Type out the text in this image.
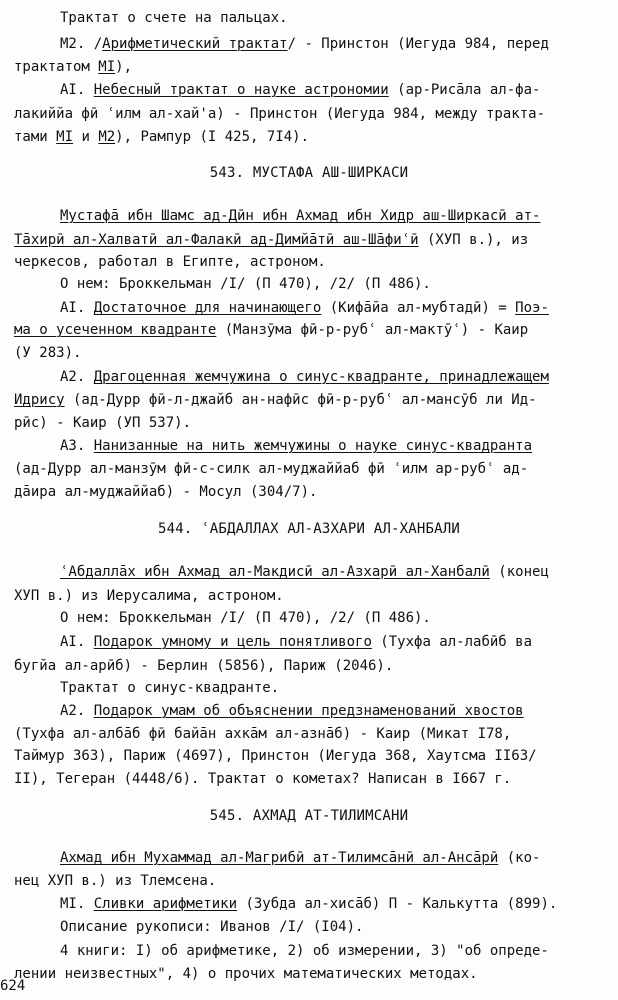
Трактат о счете на пальцах.
М2. /Арифметический трактат/ - Принстон (Иегуда 984, перед
трактатом МI),
АI. Небесный трактат о науке астрономии (ар-Рисāла ал-фа-
лакиййа фӣ ʿилм ал-хай'а) - Принстон (Иегуда 984, между тракта-
тами МI и М2), Рампур (I 425, 7I4).
543. МУСТАФА АШ-ШИРКАСИ
Мустафā ибн Шамс ад-Дӣн ибн Ахмад ибн Хидр аш-Ширкасӣ ат-
Тāхирӣ ал-Халватӣ ал-Фалакӣ ад-Димйāтӣ аш-Шāфиʿӣ (ХУП в.), из
черкесов, работал в Египте, астроном.
О нем: Броккельман /I/ (П 470), /2/ (П 486).
АI. Достаточное для начинающего (Кифāйа ал-мубтадӣ) = Поэ-
ма о усеченном квадранте (Манзӯма фӣ-р-рубʿ ал-мактӯʿ) - Каир
(У 283).
А2. Драгоценная жемчужина о синус-квадранте, принадлежащем
Идрису (ад-Дурр фӣ-л-джайб ан-нафӣс фӣ-р-рубʿ ал-мансӯб ли Ид-
рӣс) - Каир (УП 537).
А3. Нанизанные на нить жемчужины о науке синус-квадранта
(ад-Дурр ал-манзӯм фӣ-с-силк ал-муджаййаб фӣ ʿилм ар-рубʿ ад-
дāира ал-муджаййаб) - Мосул (304/7).
544. ʿАБДАЛЛАХ АЛ-АЗХАРИ АЛ-ХАНБАЛИ
ʿАбдаллāх ибн Ахмад ал-Макдисӣ ал-Азхарӣ ал-Ханбалӣ (конец
ХУП в.) из Иерусалима, астроном.
О нем: Броккельман /I/ (П 470), /2/ (П 486).
АI. Подарок умному и цель понятливого (Тухфа ал-лабӣб ва
бугйа ал-арӣб) - Берлин (5856), Париж (2046).
Трактат о синус-квадранте.
А2. Подарок умам об объяснении предзнаменований хвостов
(Тухфа ал-албāб фӣ байāн ахкāм ал-азнāб) - Каир (Микат I78,
Таймур 363), Париж (4697), Принстон (Иегуда 368, Хаутсма II63/
II), Тегеран (4448/6). Трактат о кометах? Написан в I667 г.
545. АХМАД АТ-ТИЛИМСАНИ
Ахмад ибн Мухаммад ал-Магрибӣ ат-Тилимсāнӣ ал-Ансāрӣ (ко-
нец ХУП в.) из Тлемсена.
МI. Сливки арифметики (Зубда ал-хисāб) П - Калькутта (899).
Описание рукописи: Иванов /I/ (I04).
4 книги: I) об арифметике, 2) об измерении, 3) "об опреде-
лении неизвестных", 4) о прочих математических методах.
624
